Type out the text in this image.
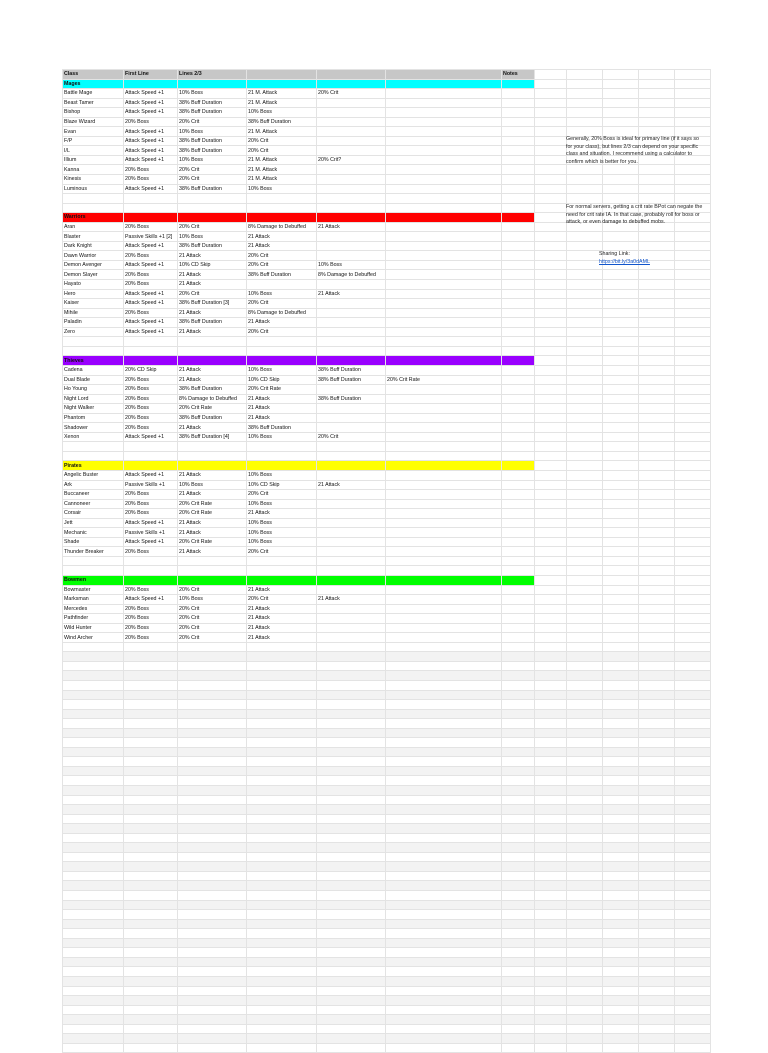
Class	First Line	Lines 2/3				Notes					
Mages											
Battle Mage	Attack Speed +1	10% Boss	21 M. Attack	20% Crit							
Beast Tamer	Attack Speed +1	38% Buff Duration	21 M. Attack								
Bishop	Attack Speed +1	38% Buff Duration	10% Boss								
Blaze Wizard	20% Boss	20% Crit	38% Buff Duration								
Evan	Attack Speed +1	10% Boss	21 M. Attack								
F/P	Attack Speed +1	38% Buff Duration	20% Crit								
I/L	Attack Speed +1	38% Buff Duration	20% Crit								
Illium	Attack Speed +1	10% Boss	21 M. Attack	20% Crit?							
Kanna	20% Boss	20% Crit	21 M. Attack								
Kinesis	20% Boss	20% Crit	21 M. Attack								
Luminous	Attack Speed +1	38% Buff Duration	10% Boss								

Warriors											
Aran	20% Boss	20% Crit	8% Damage to Debuffed	21 Attack							
Blaster	Passive Skills +1 [2]	10% Boss	21 Attack								
Dark Knight	Attack Speed +1	38% Buff Duration	21 Attack								
Dawn Warrior	20% Boss	21 Attack	20% Crit								
Demon Avenger	Attack Speed +1	10% CD Skip	20% Crit	10% Boss							
Demon Slayer	20% Boss	21 Attack	38% Buff Duration	8% Damage to Debuffed							
Hayato	20% Boss	21 Attack									
Hero	Attack Speed +1	20% Crit	10% Boss	21 Attack							
Kaiser	Attack Speed +1	38% Buff Duration [3]	20% Crit								
Mihile	20% Boss	21 Attack	8% Damage to Debuffed								
Paladin	Attack Speed +1	38% Buff Duration	21 Attack								
Zero	Attack Speed +1	21 Attack	20% Crit								

Thieves											
Cadena	20% CD Skip	21 Attack	10% Boss	38% Buff Duration							
Dual Blade	20% Boss	21 Attack	10% CD Skip	38% Buff Duration	20% Crit Rate						
Ho Young	20% Boss	38% Buff Duration	20% Crit Rate								
Night Lord	20% Boss	8% Damage to Debuffed	21 Attack	38% Buff Duration							
Night Walker	20% Boss	20% Crit Rate	21 Attack								
Phantom	20% Boss	38% Buff Duration	21 Attack								
Shadower	20% Boss	21 Attack	38% Buff Duration								
Xenon	Attack Speed +1	38% Buff Duration [4]	10% Boss	20% Crit							

Pirates											
Angelic Buster	Attack Speed +1	21 Attack	10% Boss								
Ark	Passive Skills +1	10% Boss	10% CD Skip	21 Attack							
Buccaneer	20% Boss	21 Attack	20% Crit								
Cannoneer	20% Boss	20% Crit Rate	10% Boss								
Corsair	20% Boss	20% Crit Rate	21 Attack								
Jett	Attack Speed +1	21 Attack	10% Boss								
Mechanic	Passive Skills +1	21 Attack	10% Boss								
Shade	Attack Speed +1	20% Crit Rate	10% Boss								
Thunder Breaker	20% Boss	21 Attack	20% Crit								

Bowmen											
Bowmaster	20% Boss	20% Crit	21 Attack								
Marksman	Attack Speed +1	10% Boss	20% Crit	21 Attack							
Mercedes	20% Boss	20% Crit	21 Attack								
Pathfinder	20% Boss	20% Crit	21 Attack								
Wild Hunter	20% Boss	20% Crit	21 Attack								
Wind Archer	20% Boss	20% Crit	21 Attack								

Generally, 20% Boss is ideal for primary line (if it says so for your class), but lines 2/3 can depend on your specific class and situation. I recommend using a calculator to confirm which is better for you.
For normal servers, getting a crit rate BPot can negate the need for crit rate IA. In that case, probably roll for boss or attack, or even damage to debuffed mobs.
Sharing Link:
https://bit.ly/3a0dAML
